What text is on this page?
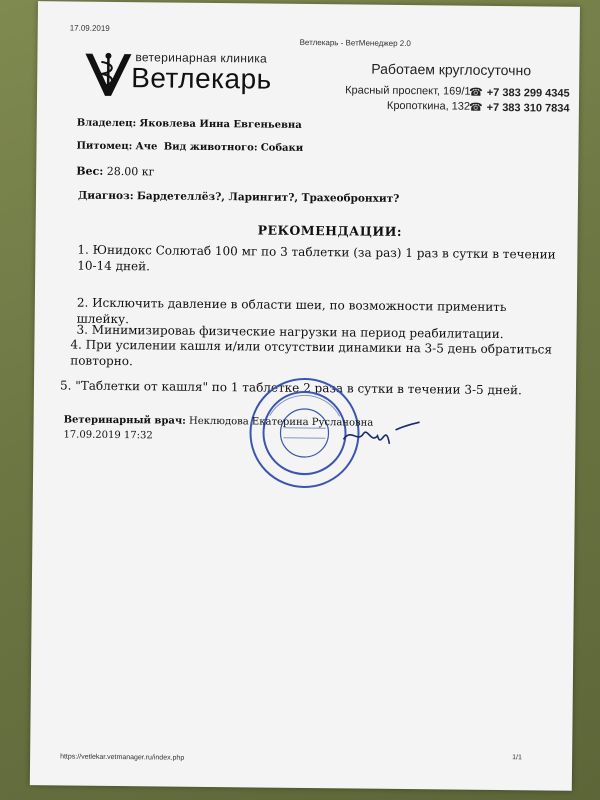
17.09.2019
Ветлекарь - ВетМенеджер 2.0
ветеринарная клиника
Ветлекарь	Работаем круглосуточно
Красный проспект, 169/1
Кропоткина, 132
☎ +7 383 299 4345
☎ +7 383 310 7834
Владелец: Яковлева Инна Евгеньевна
Питомец: Аче Вид животного: Собаки
Вес: 28.00 кг
Диагноз: Бардетеллёз?, Ларингит?, Трахеобронхит?
РЕКОМЕНДАЦИИ:
1. Юнидокс Солютаб 100 мг по 3 таблетки (за раз) 1 раз в сутки в течении 10-14 дней.
2. Исключить давление в области шеи, по возможности применить шлейку.
3. Минимизироваь физические нагрузки на период реабилитации.
4. При усилении кашля и/или отсутствии динамики на 3-5 день обратиться повторно.
5. "Таблетки от кашля" по 1 таблетке 2 раза в сутки в течении 3-5 дней.
Ветеринарный врач: Неклюдова Екатерина Руслановна
17.09.2019 17:32
https://vetlekar.vetmanager.ru/index.php	1/1
